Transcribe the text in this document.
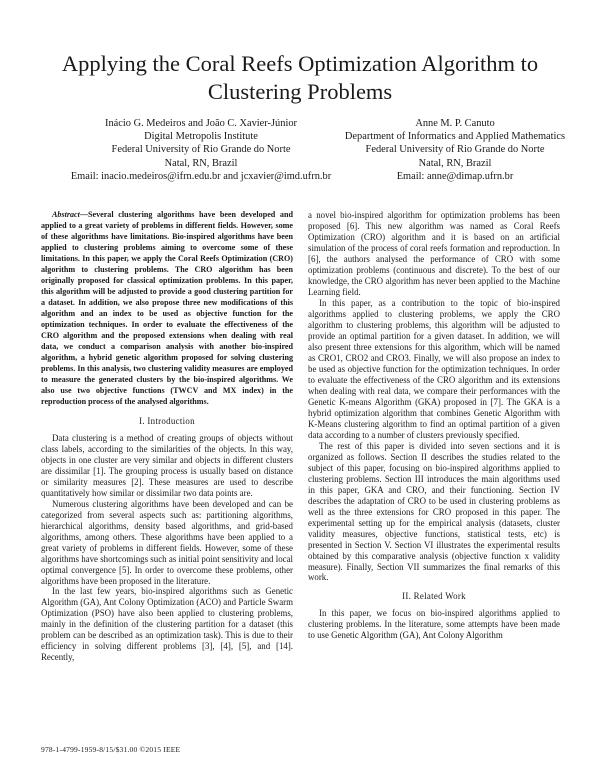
Applying the Coral Reefs Optimization Algorithm to Clustering Problems
Inácio G. Medeiros and João C. Xavier-Júnior
Digital Metropolis Institute
Federal University of Rio Grande do Norte
Natal, RN, Brazil
Email: inacio.medeiros@ifrn.edu.br and jcxavier@imd.ufrn.br
Anne M. P. Canuto
Department of Informatics and Applied Mathematics
Federal University of Rio Grande do Norte
Natal, RN, Brazil
Email: anne@dimap.ufrn.br

Abstract—Several clustering algorithms have been developed and applied to a great variety of problems in different fields. However, some of these algorithms have limitations. Bio-inspired algorithms have been applied to clustering problems aiming to overcome some of these limitations. In this paper, we apply the Coral Reefs Optimization (CRO) algorithm to clustering problems. The CRO algorithm has been originally proposed for classical optimization problems. In this paper, this algorithm will be adjusted to provide a good clustering partition for a dataset. In addition, we also propose three new modifications of this algorithm and an index to be used as objective function for the optimization techniques. In order to evaluate the effectiveness of the CRO algorithm and the proposed extensions when dealing with real data, we conduct a comparison analysis with another bio-inspired algorithm, a hybrid genetic algorithm proposed for solving clustering problems. In this analysis, two clustering validity measures are employed to measure the generated clusters by the bio-inspired algorithms. We also use two objective functions (TWCV and MX index) in the reproduction process of the analysed algorithms.

I. Introduction

Data clustering is a method of creating groups of objects without class labels, according to the similarities of the objects. In this way, objects in one cluster are very similar and objects in different clusters are dissimilar [1]. The grouping process is usually based on distance or similarity measures [2]. These measures are used to describe quantitatively how similar or dissimilar two data points are.

Numerous clustering algorithms have been developed and can be categorized from several aspects such as: partitioning algorithms, hierarchical algorithms, density based algorithms, and grid-based algorithms, among others. These algorithms have been applied to a great variety of problems in different fields. However, some of these algorithms have shortcomings such as initial point sensitivity and local optimal convergence [5]. In order to overcome these problems, other algorithms have been proposed in the literature.

In the last few years, bio-inspired algorithms such as Genetic Algorithm (GA), Ant Colony Optimization (ACO) and Particle Swarm Optimization (PSO) have also been applied to clustering problems, mainly in the definition of the clustering partition for a dataset (this problem can be described as an optimization task). This is due to their efficiency in solving different problems [3], [4], [5], and [14]. Recently,

a novel bio-inspired algorithm for optimization problems has been proposed [6]. This new algorithm was named as Coral Reefs Optimization (CRO) algorithm and it is based on an artificial simulation of the process of coral reefs formation and reproduction. In [6], the authors analysed the performance of CRO with some optimization problems (continuous and discrete). To the best of our knowledge, the CRO algorithm has never been applied to the Machine Learning field.

In this paper, as a contribution to the topic of bio-inspired algorithms applied to clustering problems, we apply the CRO algorithm to clustering problems, this algorithm will be adjusted to provide an optimal partition for a given dataset. In addition, we will also present three extensions for this algorithm, which will be named as CRO1, CRO2 and CRO3. Finally, we will also propose an index to be used as objective function for the optimization techniques. In order to evaluate the effectiveness of the CRO algorithm and its extensions when dealing with real data, we compare their performances with the Genetic K-means Algorithm (GKA) proposed in [7]. The GKA is a hybrid optimization algorithm that combines Genetic Algorithm with K-Means clustering algorithm to find an optimal partition of a given data according to a number of clusters previously specified.

The rest of this paper is divided into seven sections and it is organized as follows. Section II describes the studies related to the subject of this paper, focusing on bio-inspired algorithms applied to clustering problems. Section III introduces the main algorithms used in this paper, GKA and CRO, and their functioning. Section IV describes the adaptation of CRO to be used in clustering problems as well as the three extensions for CRO proposed in this paper. The experimental setting up for the empirical analysis (datasets, cluster validity measures, objective functions, statistical tests, etc) is presented in Section V. Section VI illustrates the experimental results obtained by this comparative analysis (objective function x validity measure). Finally, Section VII summarizes the final remarks of this work.

II. Related Work

In this paper, we focus on bio-inspired algorithms applied to clustering problems. In the literature, some attempts have been made to use Genetic Algorithm (GA), Ant Colony Algorithm

978-1-4799-1959-8/15/$31.00 ©2015 IEEE
